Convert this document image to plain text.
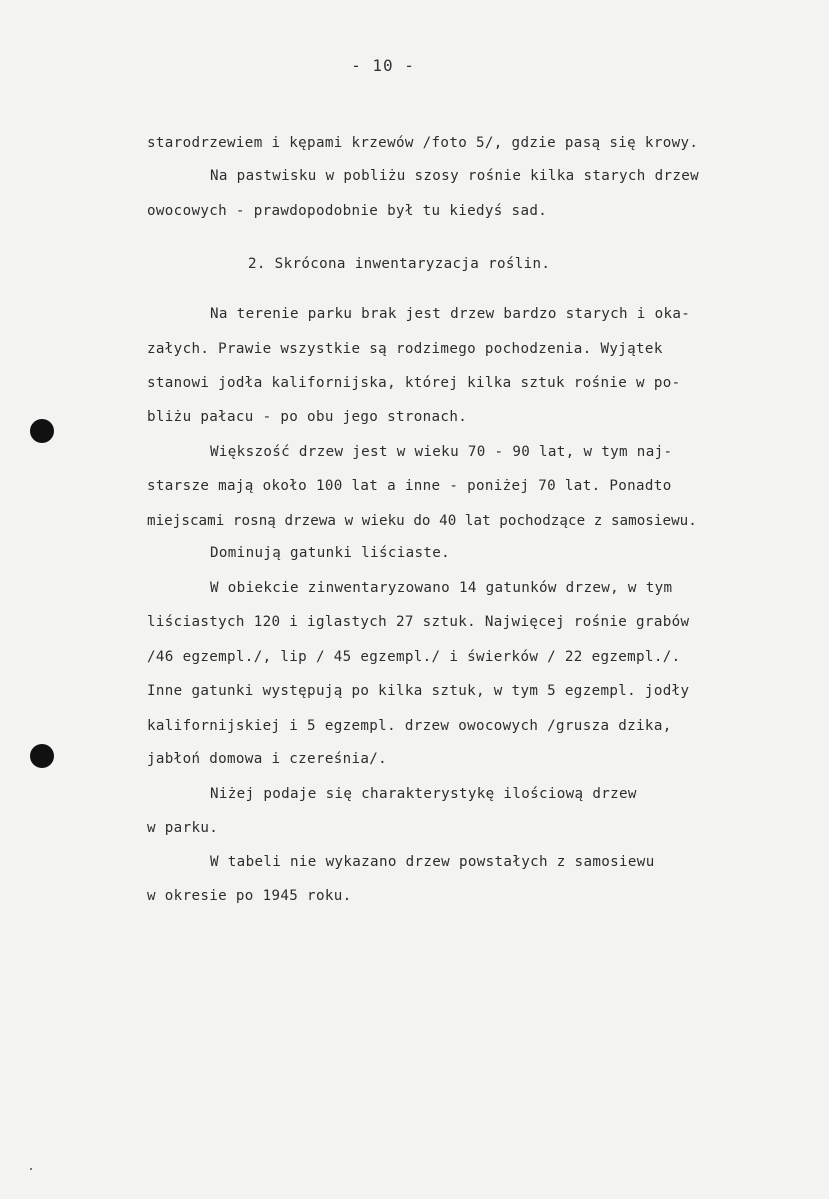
- 10 -
starodrzewiem i kępami krzewów /foto 5/, gdzie pasą się krowy.
Na pastwisku w pobliżu szosy rośnie kilka starych drzew
owocowych - prawdopodobnie był tu kiedyś sad.
2. Skrócona inwentaryzacja roślin.
Na terenie parku brak jest drzew bardzo starych i oka-
załych. Prawie wszystkie są rodzimego pochodzenia. Wyjątek
stanowi jodła kalifornijska, której kilka sztuk rośnie w po-
bliżu pałacu - po obu jego stronach.
Większość drzew jest w wieku 70 - 90 lat, w tym naj-
starsze mają około 100 lat a inne - poniżej 70 lat. Ponadto
miejscami rosną drzewa w wieku do 40 lat pochodzące z samosiewu.
Dominują gatunki liściaste.
W obiekcie zinwentaryzowano 14 gatunków drzew, w tym
liściastych 120 i iglastych 27 sztuk. Najwięcej rośnie grabów
/46 egzempl./, lip / 45 egzempl./ i świerków / 22 egzempl./.
Inne gatunki występują po kilka sztuk, w tym 5 egzempl. jodły
kalifornijskiej i 5 egzempl. drzew owocowych /grusza dzika,
jabłoń domowa i czereśnia/.
Niżej podaje się charakterystykę ilościową drzew
w parku.
W tabeli nie wykazano drzew powstałych z samosiewu
w okresie po 1945 roku.
